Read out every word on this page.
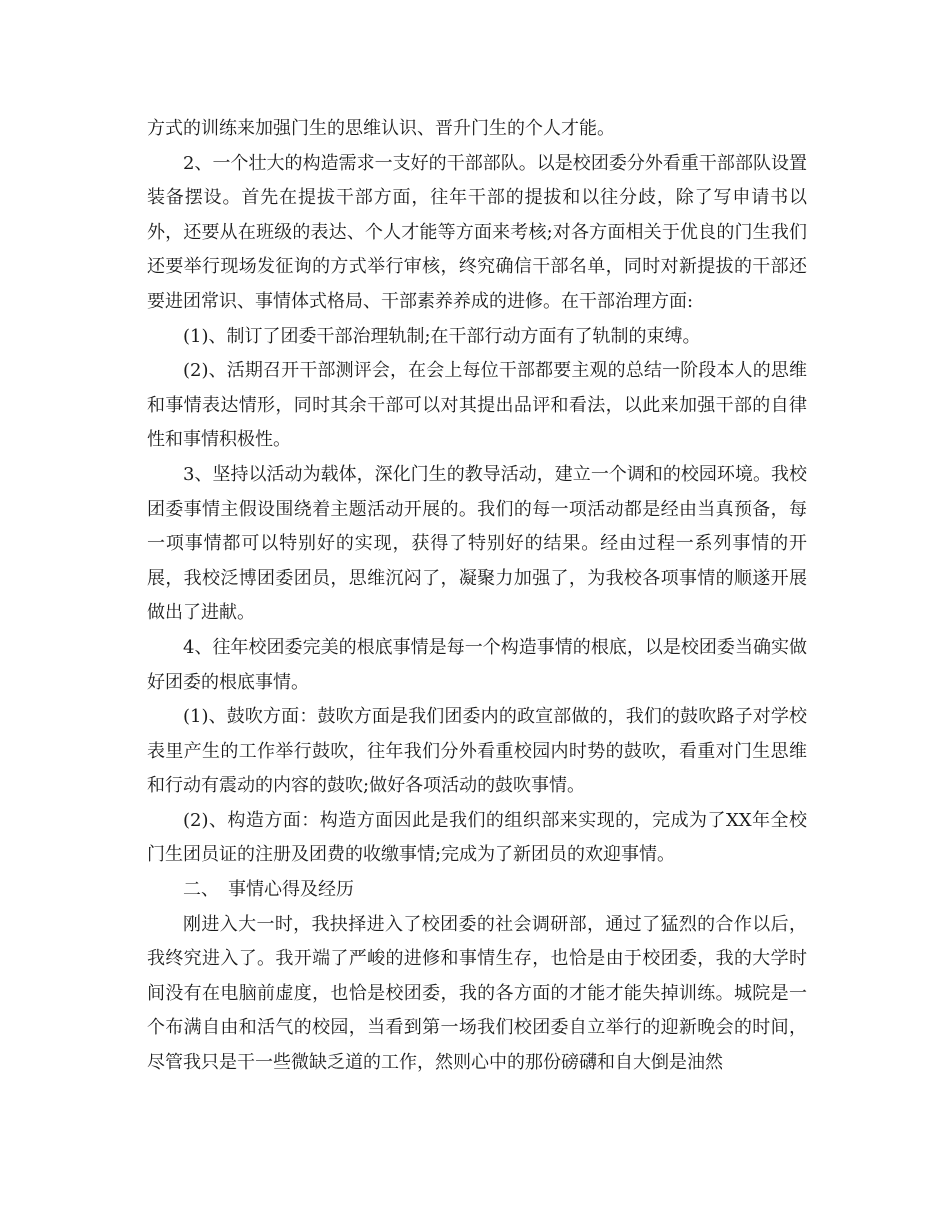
方式的训练来加强门生的思维认识、晋升门生的个人才能。

2、一个壮大的构造需求一支好的干部部队。以是校团委分外看重干部部队设置装备摆设。首先在提拔干部方面，往年干部的提拔和以往分歧，除了写申请书以外，还要从在班级的表达、个人才能等方面来考核;对各方面相关于优良的门生我们还要举行现场发征询的方式举行审核，终究确信干部名单，同时对新提拔的干部还要进团常识、事情体式格局、干部素养养成的进修。在干部治理方面:

(1)、制订了团委干部治理轨制;在干部行动方面有了轨制的束缚。

(2)、活期召开干部测评会，在会上每位干部都要主观的总结一阶段本人的思维和事情表达情形，同时其余干部可以对其提出品评和看法，以此来加强干部的自律性和事情积极性。

3、坚持以活动为载体，深化门生的教导活动，建立一个调和的校园环境。我校团委事情主假设围绕着主题活动开展的。我们的每一项活动都是经由当真预备，每一项事情都可以特别好的实现，获得了特别好的结果。经由过程一系列事情的开展，我校泛博团委团员，思维沉闷了，凝聚力加强了，为我校各项事情的顺遂开展做出了进献。

4、往年校团委完美的根底事情是每一个构造事情的根底，以是校团委当确实做好团委的根底事情。

(1)、鼓吹方面：鼓吹方面是我们团委内的政宣部做的，我们的鼓吹路子对学校表里产生的工作举行鼓吹，往年我们分外看重校园内时势的鼓吹，看重对门生思维和行动有震动的内容的鼓吹;做好各项活动的鼓吹事情。

(2)、构造方面：构造方面因此是我们的组织部来实现的，完成为了XX年全校门生团员证的注册及团费的收缴事情;完成为了新团员的欢迎事情。

二、　事情心得及经历

刚进入大一时，我抉择进入了校团委的社会调研部，通过了猛烈的合作以后，我终究进入了。我开端了严峻的进修和事情生存，也恰是由于校团委，我的大学时间没有在电脑前虚度，也恰是校团委，我的各方面的才能才能失掉训练。城院是一个布满自由和活气的校园，当看到第一场我们校团委自立举行的迎新晚会的时间，尽管我只是干一些微缺乏道的工作，然则心中的那份磅礴和自大倒是油然
